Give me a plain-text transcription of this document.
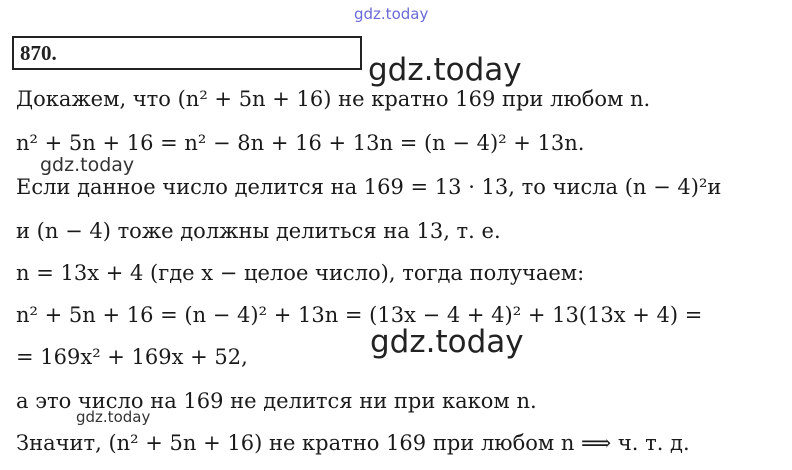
gdz.today
870.	gdz.today
Докажем, что (n² + 5n + 16) не кратно 169 при любом n.
n² + 5n + 16 = n² − 8n + 16 + 13n = (n − 4)² + 13n.
gdz.today
Если данное число делится на 169 = 13 · 13, то числа (n − 4)²и
и (n − 4) тоже должны делиться на 13, т. е.
n = 13x + 4 (где x − целое число), тогда получаем:
n² + 5n + 16 = (n − 4)² + 13n = (13x − 4 + 4)² + 13(13x + 4) =
gdz.today
= 169x² + 169x + 52,
а это число на 169 не делится ни при каком n.
gdz.today
Значит, (n² + 5n + 16) не кратно 169 при любом n ⟹ ч. т. д.
